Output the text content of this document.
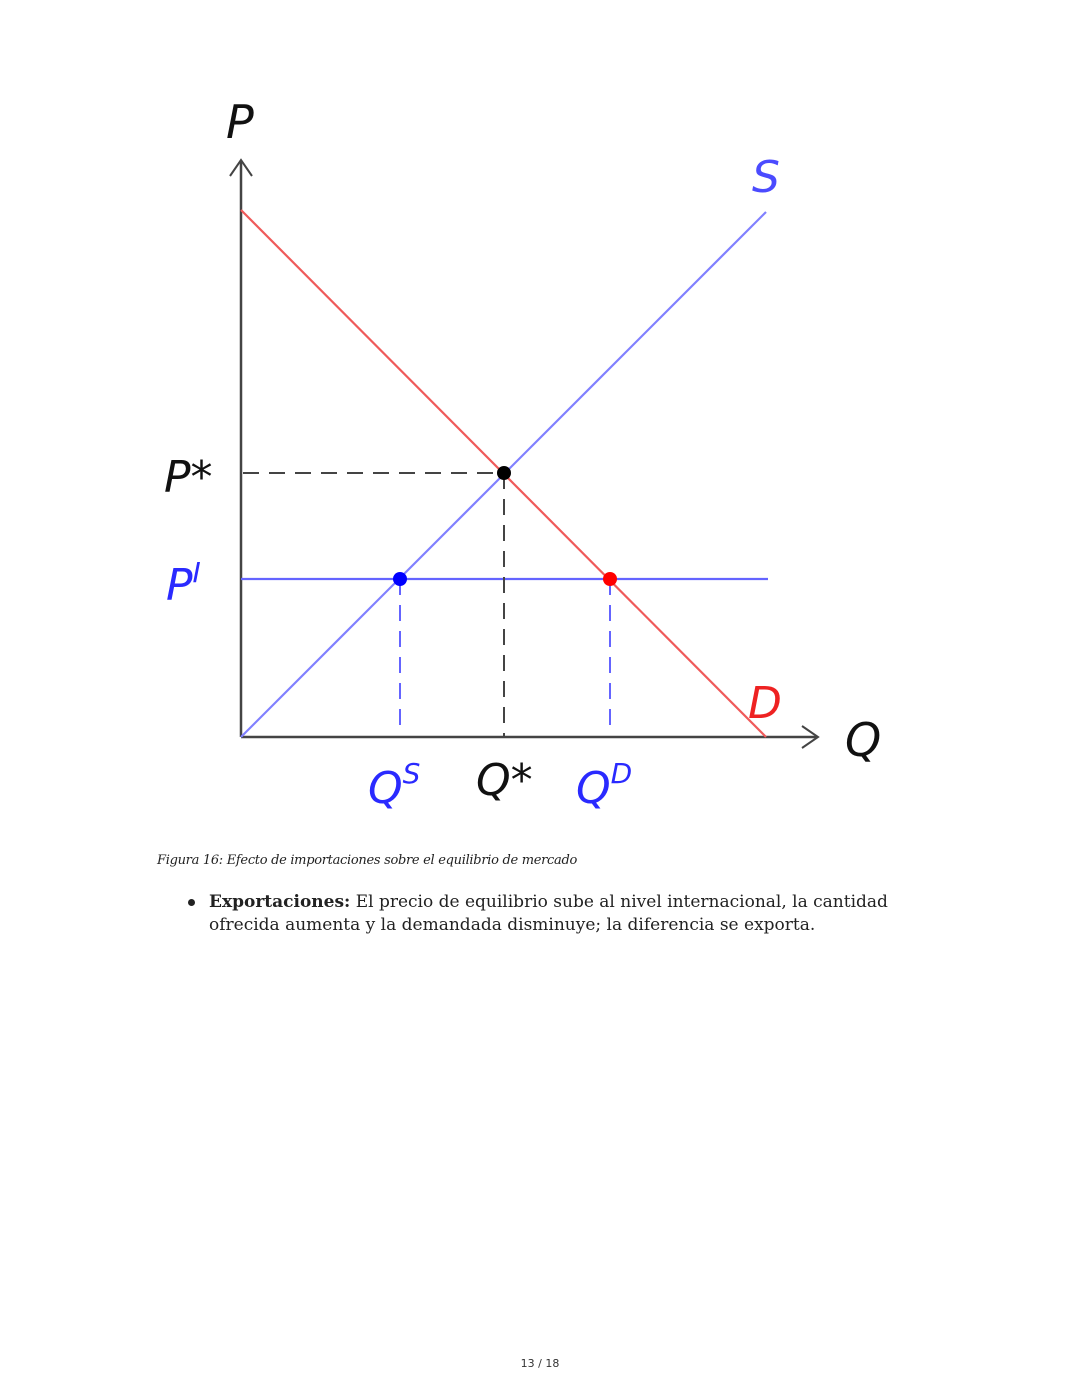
P
Q
S
D
P*
$P^I$
$Q^S$ Q* $Q^D$
Figura 16: Efecto de importaciones sobre el equilibrio de mercado
Exportaciones: El precio de equilibrio sube al nivel internacional, la cantidad ofrecida aumenta y la demandada disminuye; la diferencia se exporta.
13 / 18
